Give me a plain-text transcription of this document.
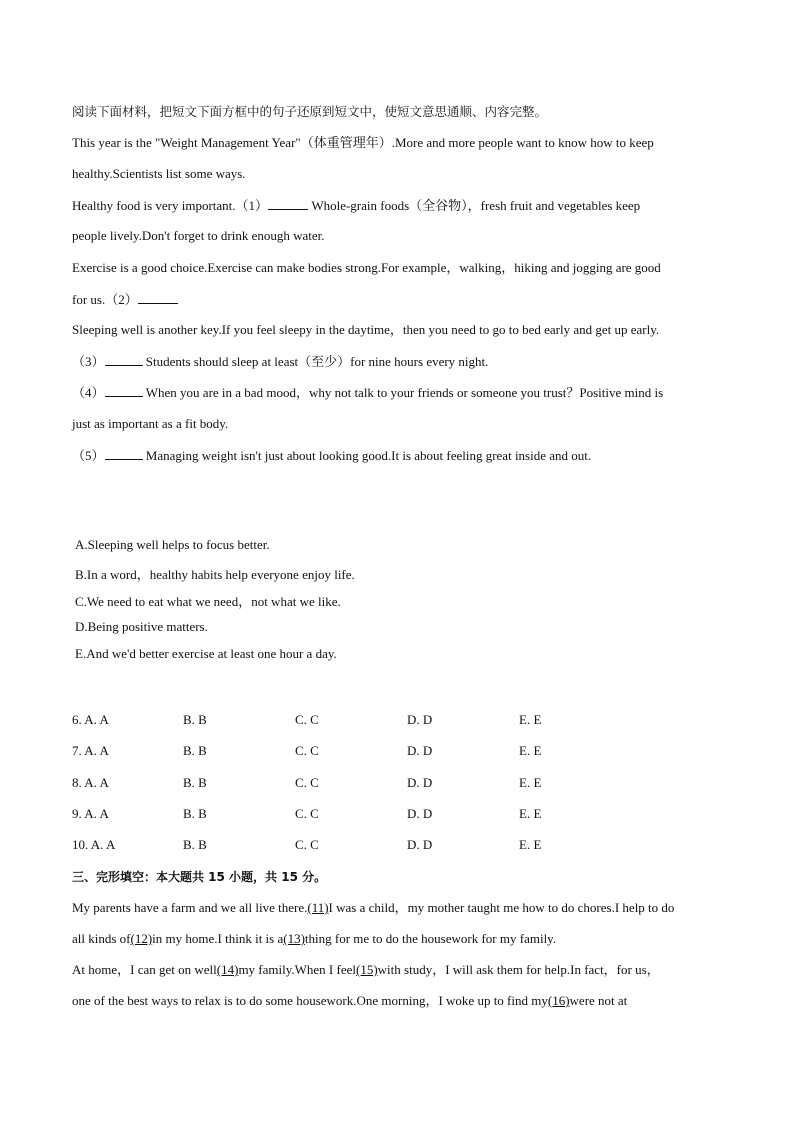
阅读下面材料，把短文下面方框中的句子还原到短文中，使短文意思通顺、内容完整。
This year is the "Weight Management Year"（体重管理年）.More and more people want to know how to keep
healthy.Scientists list some ways.
Healthy food is very important.（1）	Whole-grain foods（全谷物），fresh fruit and vegetables keep
people lively.Don't forget to drink enough water.
Exercise is a good choice.Exercise can make bodies strong.For example，walking，hiking and jogging are good
for us.（2）
Sleeping well is another key.If you feel sleepy in the daytime，then you need to go to bed early and get up early.
（3）	Students should sleep at least（至少）for nine hours every night.
（4）	When you are in a bad mood，why not talk to your friends or someone you trust？Positive mind is
just as important as a fit body.
（5）	Managing weight isn't just about looking good.It is about feeling great inside and out.
A.Sleeping well helps to focus better.
B.In a word，healthy habits help everyone enjoy life.
C.We need to eat what we need，not what we like.
D.Being positive matters.
E.And we'd better exercise at least one hour a day.
6. A. A	B. B	C. C	D. D	E. E
7. A. A	B. B	C. C	D. D	E. E
8. A. A	B. B	C. C	D. D	E. E
9. A. A	B. B	C. C	D. D	E. E
10. A. A	B. B	C. C	D. D	E. E
三、完形填空：本大题共 15 小题，共 15 分。
My parents have a farm and we all live there.(11)I was a child，my mother taught me how to do chores.I help to do
all kinds of(12)in my home.I think it is a(13)thing for me to do the housework for my family.
At home，I can get on well(14)my family.When I feel(15)with study，I will ask them for help.In fact，for us，
one of the best ways to relax is to do some housework.One morning，I woke up to find my(16)were not at
